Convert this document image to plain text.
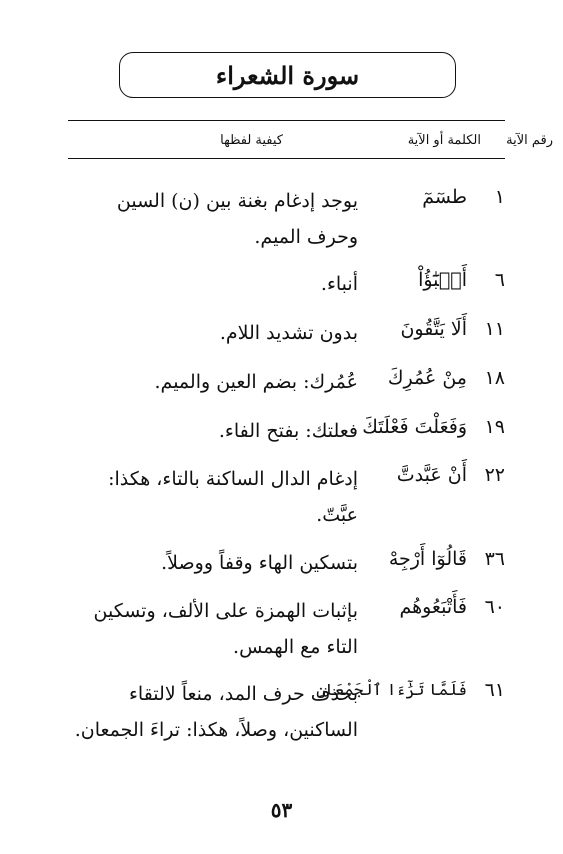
سورة الشعراء
رقم الآية
الكلمة أو الآية
كيفية لفظها
١
طسٓمٓ
يوجد إدغام بغنة بين (ن) السين وحرف الميم.
٦
أَنۢبَٰٓؤُاْ
أنباء.
١١
أَلَا يَتَّقُونَ
بدون تشديد اللام.
١٨
مِنْ عُمُرِكَ
عُمُرك: بضم العين والميم.
١٩
وَفَعَلْتَ فَعْلَتَكَ
فعلتك: بفتح الفاء.
٢٢
أَنْ عَبَّدتَّ
إدغام الدال الساكنة بالتاء، هكذا: عبَّتّ.
٣٦
قَالُوٓا أَرْجِهْ
بتسكين الهاء وقفاً ووصلاً.
٦٠
فَأَتْبَعُوهُم
بإثبات الهمزة على الألف، وتسكين التاء مع الهمس.
٦١
فَلَمَّا تَرَٰٓءَا ٱلْجَمْعَانِ
بحذف حرف المد، منعاً لالتقاء الساكنين، وصلاً، هكذا: تراءَ الجمعان.
٥٣
